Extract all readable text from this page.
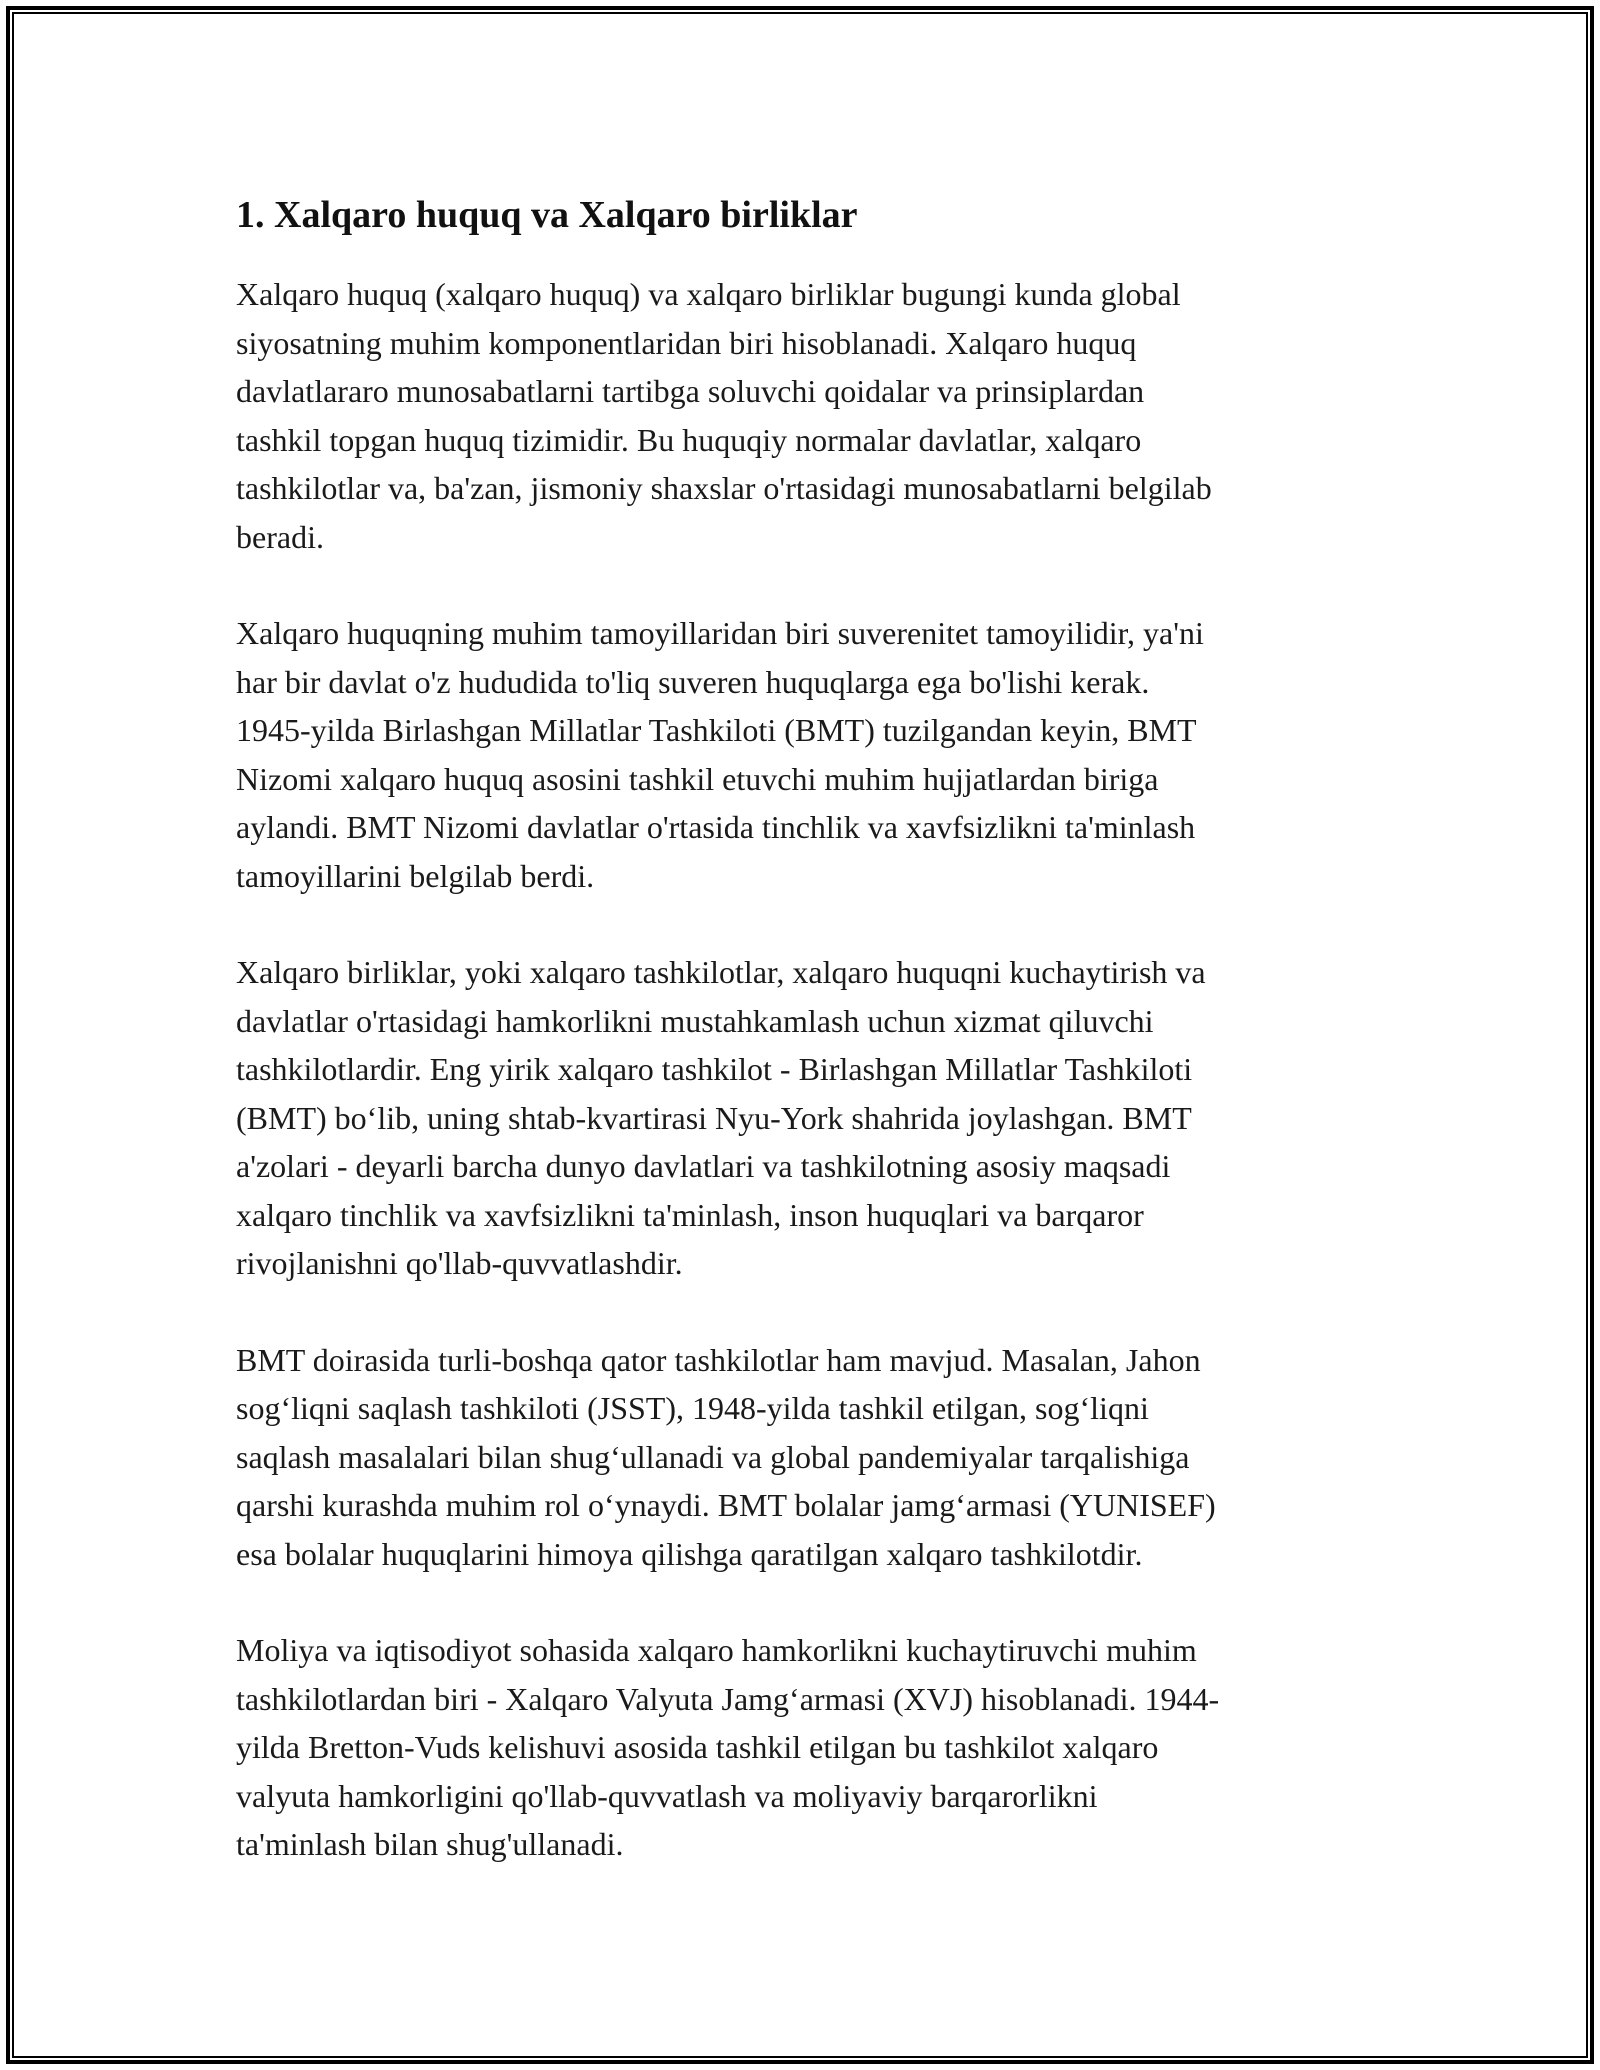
1. Xalqaro huquq va Xalqaro birliklar

Xalqaro huquq (xalqaro huquq) va xalqaro birliklar bugungi kunda global
siyosatning muhim komponentlaridan biri hisoblanadi. Xalqaro huquq
davlatlararo munosabatlarni tartibga soluvchi qoidalar va prinsiplardan
tashkil topgan huquq tizimidir. Bu huquqiy normalar davlatlar, xalqaro
tashkilotlar va, ba'zan, jismoniy shaxslar o'rtasidagi munosabatlarni belgilab
beradi.

Xalqaro huquqning muhim tamoyillaridan biri suverenitet tamoyilidir, ya'ni
har bir davlat o'z hududida to'liq suveren huquqlarga ega bo'lishi kerak.
1945-yilda Birlashgan Millatlar Tashkiloti (BMT) tuzilgandan keyin, BMT
Nizomi xalqaro huquq asosini tashkil etuvchi muhim hujjatlardan biriga
aylandi. BMT Nizomi davlatlar o'rtasida tinchlik va xavfsizlikni ta'minlash
tamoyillarini belgilab berdi.

Xalqaro birliklar, yoki xalqaro tashkilotlar, xalqaro huquqni kuchaytirish va
davlatlar o'rtasidagi hamkorlikni mustahkamlash uchun xizmat qiluvchi
tashkilotlardir. Eng yirik xalqaro tashkilot - Birlashgan Millatlar Tashkiloti
(BMT) bo‘lib, uning shtab-kvartirasi Nyu-York shahrida joylashgan. BMT
a'zolari - deyarli barcha dunyo davlatlari va tashkilotning asosiy maqsadi
xalqaro tinchlik va xavfsizlikni ta'minlash, inson huquqlari va barqaror
rivojlanishni qo'llab-quvvatlashdir.

BMT doirasida turli-boshqa qator tashkilotlar ham mavjud. Masalan, Jahon
sog‘liqni saqlash tashkiloti (JSST), 1948-yilda tashkil etilgan, sog‘liqni
saqlash masalalari bilan shug‘ullanadi va global pandemiyalar tarqalishiga
qarshi kurashda muhim rol o‘ynaydi. BMT bolalar jamg‘armasi (YUNISEF)
esa bolalar huquqlarini himoya qilishga qaratilgan xalqaro tashkilotdir.

Moliya va iqtisodiyot sohasida xalqaro hamkorlikni kuchaytiruvchi muhim
tashkilotlardan biri - Xalqaro Valyuta Jamg‘armasi (XVJ) hisoblanadi. 1944-
yilda Bretton-Vuds kelishuvi asosida tashkil etilgan bu tashkilot xalqaro
valyuta hamkorligini qo'llab-quvvatlash va moliyaviy barqarorlikni
ta'minlash bilan shug'ullanadi.
